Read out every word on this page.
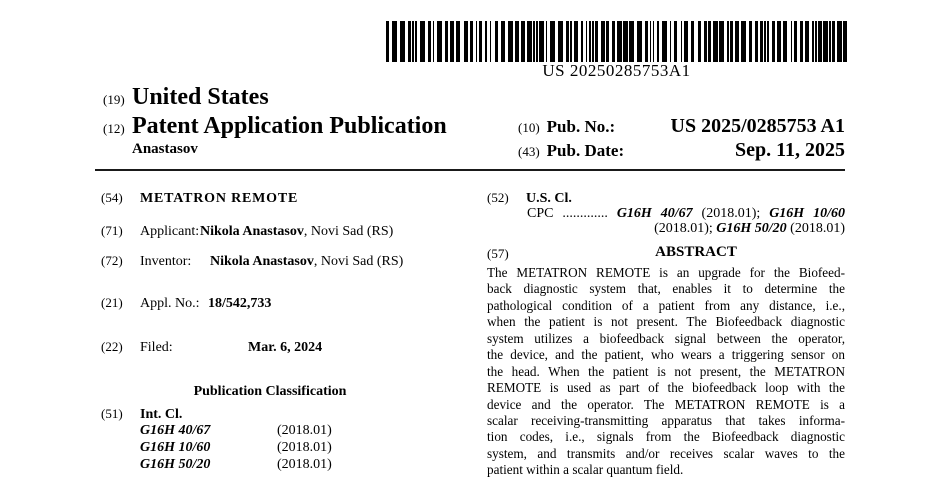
US 20250285753A1
(19) United States
(12) Patent Application Publication
Anastasov
(10) Pub. No.:	US 2025/0285753 A1
(43) Pub. Date:	Sep. 11, 2025
(54)	METATRON REMOTE
(71)	Applicant:Nikola Anastasov, Novi Sad (RS)
(72)	Inventor: Nikola Anastasov, Novi Sad (RS)
(21)	Appl. No.: 18/542,733
(22)	Filed:	Mar. 6, 2024
Publication Classification
(51)	Int. Cl.
G16H 40/67	(2018.01)
G16H 10/60	(2018.01)
G16H 50/20	(2018.01)
(52)	U.S. Cl.
CPC ............. G16H 40/67 (2018.01); G16H 10/60
(2018.01); G16H 50/20 (2018.01)
(57)	ABSTRACT
The METATRON REMOTE is an upgrade for the Biofeed-
back diagnostic system that, enables it to determine the
pathological condition of a patient from any distance, i.e.,
when the patient is not present. The Biofeedback diagnostic
system utilizes a biofeedback signal between the operator,
the device, and the patient, who wears a triggering sensor on
the head. When the patient is not present, the METATRON
REMOTE is used as part of the biofeedback loop with the
device and the operator. The METATRON REMOTE is a
scalar receiving-transmitting apparatus that takes informa-
tion codes, i.e., signals from the Biofeedback diagnostic
system, and transmits and/or receives scalar waves to the
patient within a scalar quantum field.
